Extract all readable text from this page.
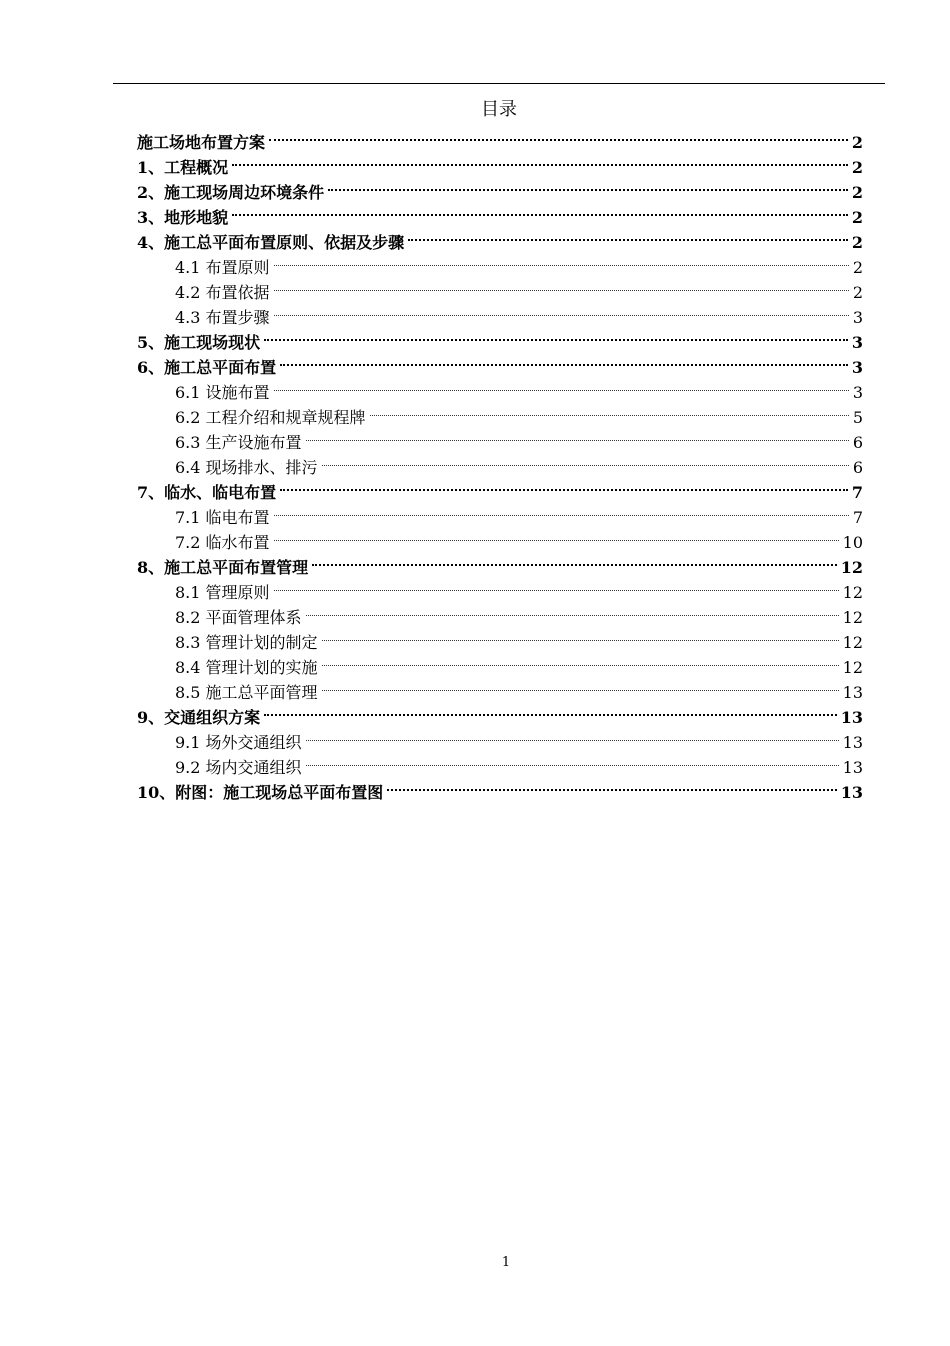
目录
施工场地布置方案	2
1、工程概况	2
2、施工现场周边环境条件	2
3、地形地貌	2
4、施工总平面布置原则、依据及步骤	2
4.1 布置原则	2
4.2 布置依据	2
4.3 布置步骤	3
5、施工现场现状	3
6、施工总平面布置	3
6.1 设施布置	3
6.2 工程介绍和规章规程牌	5
6.3 生产设施布置	6
6.4 现场排水、排污	6
7、临水、临电布置	7
7.1 临电布置	7
7.2 临水布置	10
8、施工总平面布置管理	12
8.1 管理原则	12
8.2 平面管理体系	12
8.3 管理计划的制定	12
8.4 管理计划的实施	12
8.5 施工总平面管理	13
9、交通组织方案	13
9.1 场外交通组织	13
9.2 场内交通组织	13
10、附图：施工现场总平面布置图	13
1
